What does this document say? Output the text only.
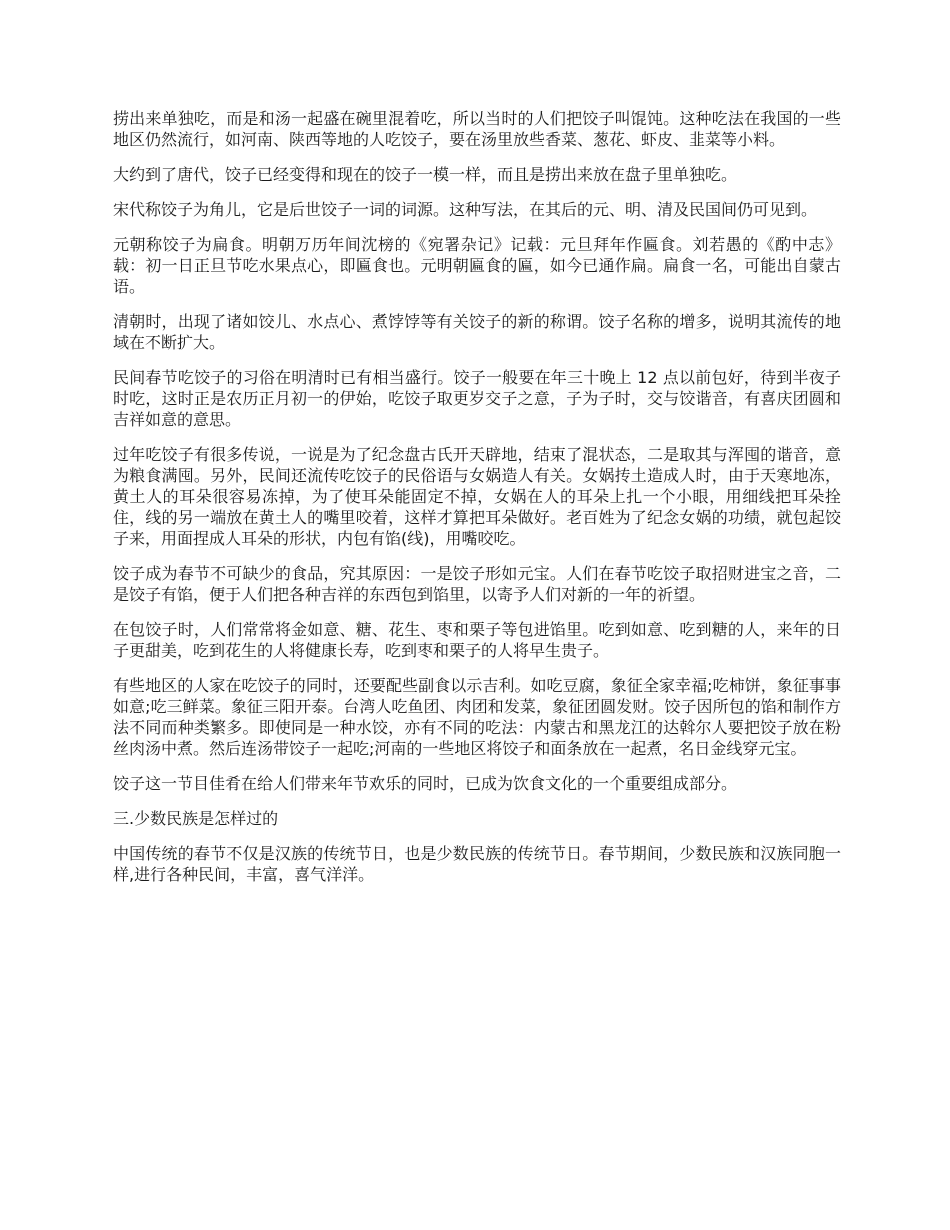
捞出来单独吃，而是和汤一起盛在碗里混着吃，所以当时的人们把饺子叫馄饨。这种吃法在我国的一些地区仍然流行，如河南、陕西等地的人吃饺子，要在汤里放些香菜、葱花、虾皮、韭菜等小料。

大约到了唐代，饺子已经变得和现在的饺子一模一样，而且是捞出来放在盘子里单独吃。

宋代称饺子为角儿，它是后世饺子一词的词源。这种写法，在其后的元、明、清及民国间仍可见到。

元朝称饺子为扁食。明朝万历年间沈榜的《宛署杂记》记载：元旦拜年作匾食。刘若愚的《酌中志》载：初一日正旦节吃水果点心，即匾食也。元明朝匾食的匾，如今已通作扁。扁食一名，可能出自蒙古语。

清朝时，出现了诸如饺儿、水点心、煮饽饽等有关饺子的新的称谓。饺子名称的增多，说明其流传的地域在不断扩大。

民间春节吃饺子的习俗在明清时已有相当盛行。饺子一般要在年三十晚上 12 点以前包好，待到半夜子时吃，这时正是农历正月初一的伊始，吃饺子取更岁交子之意，子为子时，交与饺谐音，有喜庆团圆和吉祥如意的意思。

过年吃饺子有很多传说，一说是为了纪念盘古氏开天辟地，结束了混状态，二是取其与浑囤的谐音，意为粮食满囤。另外，民间还流传吃饺子的民俗语与女娲造人有关。女娲抟土造成人时，由于天寒地冻，黄土人的耳朵很容易冻掉，为了使耳朵能固定不掉，女娲在人的耳朵上扎一个小眼，用细线把耳朵拴住，线的另一端放在黄土人的嘴里咬着，这样才算把耳朵做好。老百姓为了纪念女娲的功绩，就包起饺子来，用面捏成人耳朵的形状，内包有馅(线)，用嘴咬吃。

饺子成为春节不可缺少的食品，究其原因：一是饺子形如元宝。人们在春节吃饺子取招财进宝之音，二是饺子有馅，便于人们把各种吉祥的东西包到馅里，以寄予人们对新的一年的祈望。

在包饺子时，人们常常将金如意、糖、花生、枣和栗子等包进馅里。吃到如意、吃到糖的人，来年的日子更甜美，吃到花生的人将健康长寿，吃到枣和栗子的人将早生贵子。

有些地区的人家在吃饺子的同时，还要配些副食以示吉利。如吃豆腐，象征全家幸福;吃柿饼，象征事事如意;吃三鲜菜。象征三阳开泰。台湾人吃鱼团、肉团和发菜，象征团圆发财。饺子因所包的馅和制作方法不同而种类繁多。即使同是一种水饺，亦有不同的吃法：内蒙古和黑龙江的达斡尔人要把饺子放在粉丝肉汤中煮。然后连汤带饺子一起吃;河南的一些地区将饺子和面条放在一起煮，名日金线穿元宝。

饺子这一节目佳肴在给人们带来年节欢乐的同时，已成为饮食文化的一个重要组成部分。

三.少数民族是怎样过的

中国传统的春节不仅是汉族的传统节日，也是少数民族的传统节日。春节期间，少数民族和汉族同胞一样,进行各种民间，丰富，喜气洋洋。
